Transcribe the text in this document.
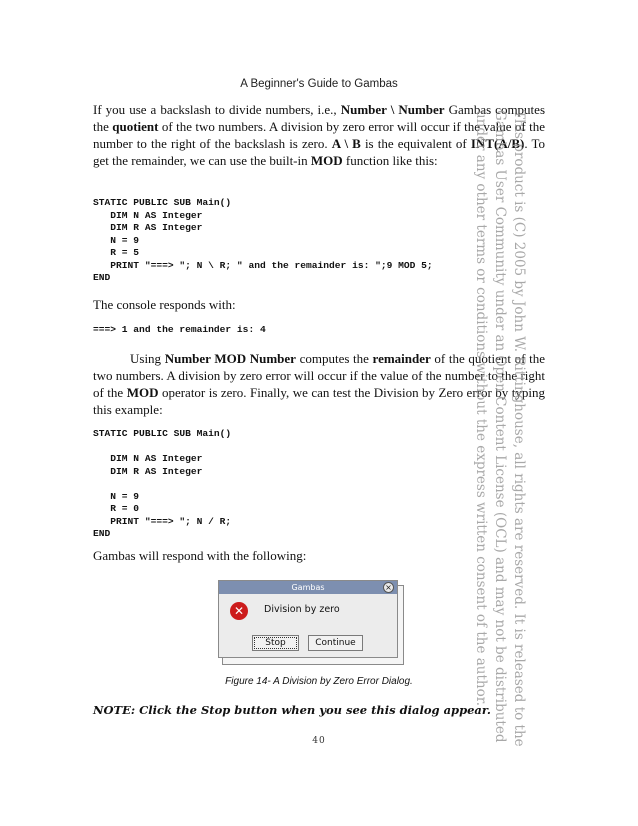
A Beginner's Guide to Gambas

If you use a backslash to divide numbers, i.e., Number \ Number Gambas computes the quotient of the two numbers. A division by zero error will occur if the value of the number to the right of the backslash is zero. A \ B is the equivalent of INT(A/B). To get the remainder, we can use the built-in MOD function like this:

STATIC PUBLIC SUB Main()
DIM N AS Integer
DIM R AS Integer
N = 9
R = 5
PRINT "===> "; N \ R; " and the remainder is: ";9 MOD 5;
END

The console responds with:

===> 1 and the remainder is: 4

Using Number MOD Number computes the remainder of the quotient of the two numbers. A division by zero error will occur if the value of the number to the right of the MOD operator is zero. Finally, we can test the Division by Zero error by typing this example:

STATIC PUBLIC SUB Main()

DIM N AS Integer
DIM R AS Integer

N = 9
R = 0
PRINT "===> "; N / R;
END

Gambas will respond with the following:

Gambas	×
✕	Division by zero
Stop	Continue
Figure 14- A Division by Zero Error Dialog.
NOTE: Click the Stop button when you see this dialog appear.
40	This product is (C) 2005 by John W. Rittinghouse, all rights are reserved. It is released to the
Gambas User Community under an Open Content License (OCL) and may not be distributed
under any other terms or conditions without the express written consent of the author.
